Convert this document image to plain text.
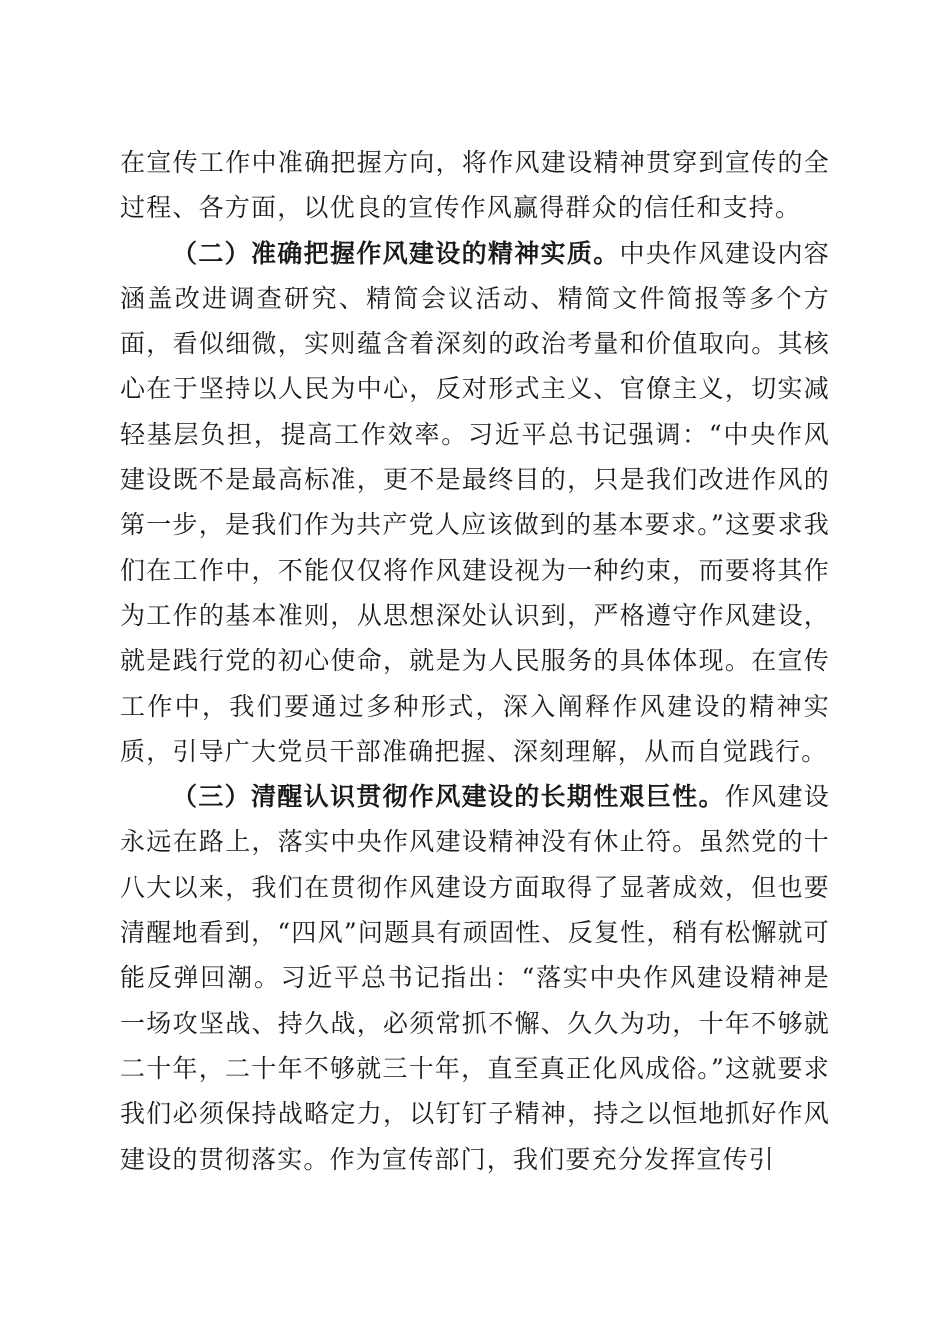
在宣传工作中准确把握方向，将作风建设精神贯穿到宣传的全过程、各方面，以优良的宣传作风赢得群众的信任和支持。

（二）准确把握作风建设的精神实质。中央作风建设内容涵盖改进调查研究、精简会议活动、精简文件简报等多个方面，看似细微，实则蕴含着深刻的政治考量和价值取向。其核心在于坚持以人民为中心，反对形式主义、官僚主义，切实减轻基层负担，提高工作效率。习近平总书记强调：“中央作风建设既不是最高标准，更不是最终目的，只是我们改进作风的第一步，是我们作为共产党人应该做到的基本要求。”这要求我们在工作中，不能仅仅将作风建设视为一种约束，而要将其作为工作的基本准则，从思想深处认识到，严格遵守作风建设，就是践行党的初心使命，就是为人民服务的具体体现。在宣传工作中，我们要通过多种形式，深入阐释作风建设的精神实质，引导广大党员干部准确把握、深刻理解，从而自觉践行。

（三）清醒认识贯彻作风建设的长期性艰巨性。作风建设永远在路上，落实中央作风建设精神没有休止符。虽然党的十八大以来，我们在贯彻作风建设方面取得了显著成效，但也要清醒地看到，“四风”问题具有顽固性、反复性，稍有松懈就可能反弹回潮。习近平总书记指出：“落实中央作风建设精神是一场攻坚战、持久战，必须常抓不懈、久久为功，十年不够就二十年，二十年不够就三十年，直至真正化风成俗。”这就要求我们必须保持战略定力，以钉钉子精神，持之以恒地抓好作风建设的贯彻落实。作为宣传部门，我们要充分发挥宣传引
